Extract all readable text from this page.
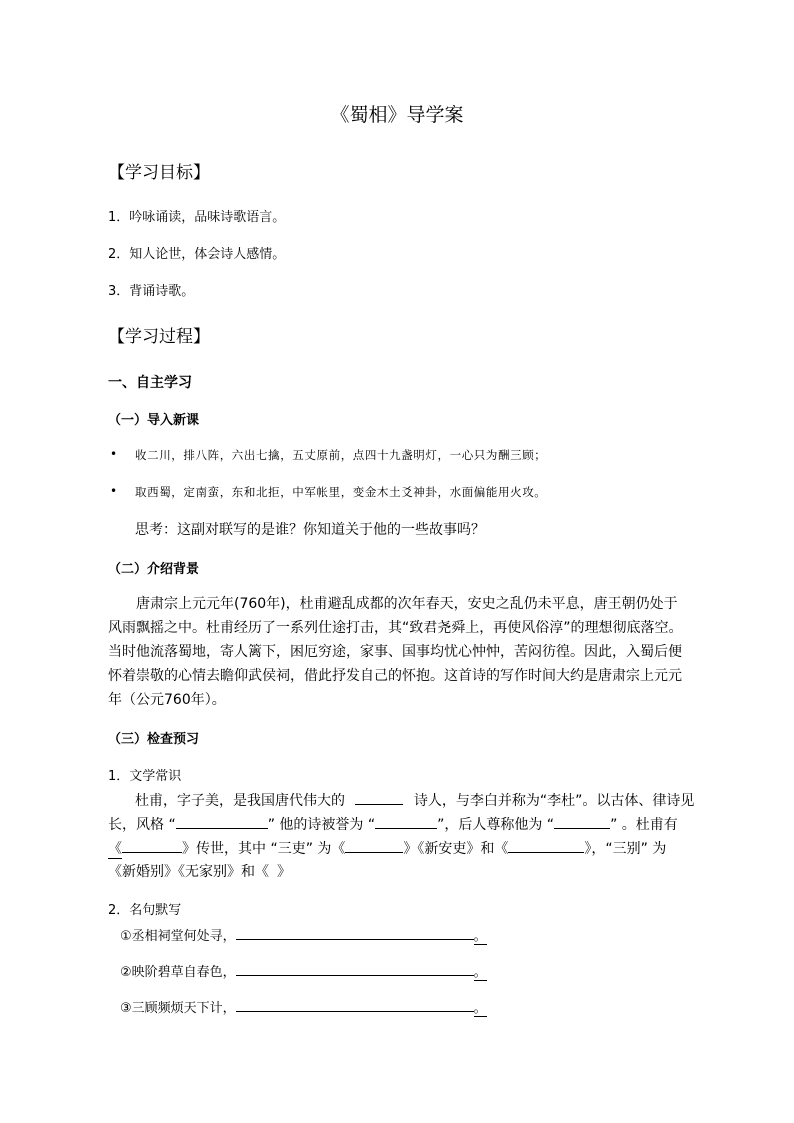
《蜀相》导学案
【学习目标】
1．吟咏诵读，品味诗歌语言。
2．知人论世，体会诗人感情。
3．背诵诗歌。
【学习过程】
一、自主学习
（一）导入新课
• 收二川，排八阵，六出七擒，五丈原前，点四十九盏明灯，一心只为酬三顾；
• 取西蜀，定南蛮，东和北拒，中军帐里，变金木土爻神卦，水面偏能用火攻。
思考：这副对联写的是谁？你知道关于他的一些故事吗？
（二）介绍背景
唐肃宗上元元年(760年)，杜甫避乱成都的次年春天，安史之乱仍未平息，唐王朝仍处于风雨飘摇之中。杜甫经历了一系列仕途打击，其“致君尧舜上，再使风俗淳”的理想彻底落空。当时他流落蜀地，寄人篱下，困厄穷途，家事、国事均忧心忡忡，苦闷彷徨。因此，入蜀后便怀着崇敬的心情去瞻仰武侯祠，借此抒发自己的怀抱。这首诗的写作时间大约是唐肃宗上元元年（公元760年）。
（三）检查预习
1．文学常识
杜甫，字子美，是我国唐代伟大的	诗人，与李白并称为“李杜”。以古体、律诗见
长，风格 “	” 他的诗被誉为 “	”，后人尊称他为 “	” 。杜甫有
《	》传世，其中 “三吏” 为《	》《新安吏》和《	》，“三别” 为
《新婚别》《无家别》和《 》
2．名句默写
①丞相祠堂何处寻，	。
②映阶碧草自春色，	。
③三顾频烦天下计，	。
